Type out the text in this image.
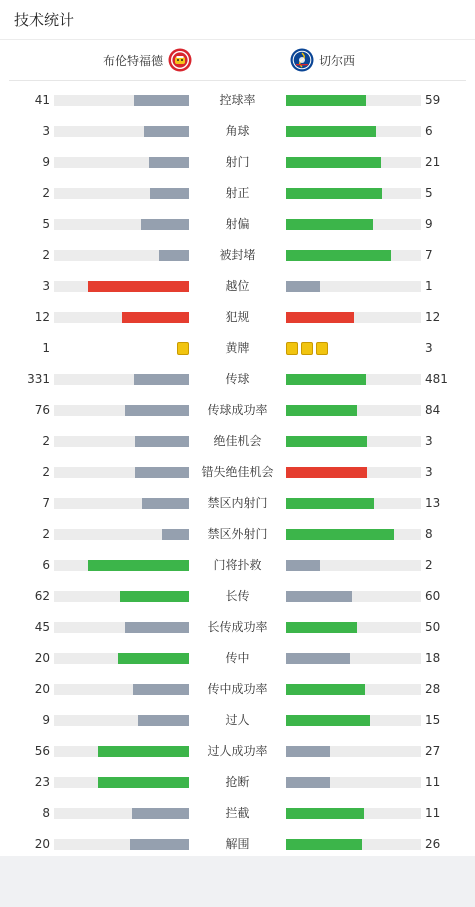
技术统计
布伦特福德	切尔西
41	控球率	59
3	角球	6
9	射门	21
2	射正	5
5	射偏	9
2	被封堵	7
3	越位	1
12	犯规	12
1	黄牌	3
331	传球	481
76	传球成功率	84
2	绝佳机会	3
2	错失绝佳机会	3
7	禁区内射门	13
2	禁区外射门	8
6	门将扑救	2
62	长传	60
45	长传成功率	50
20	传中	18
20	传中成功率	28
9	过人	15
56	过人成功率	27
23	抢断	11
8	拦截	11
20	解围	26
